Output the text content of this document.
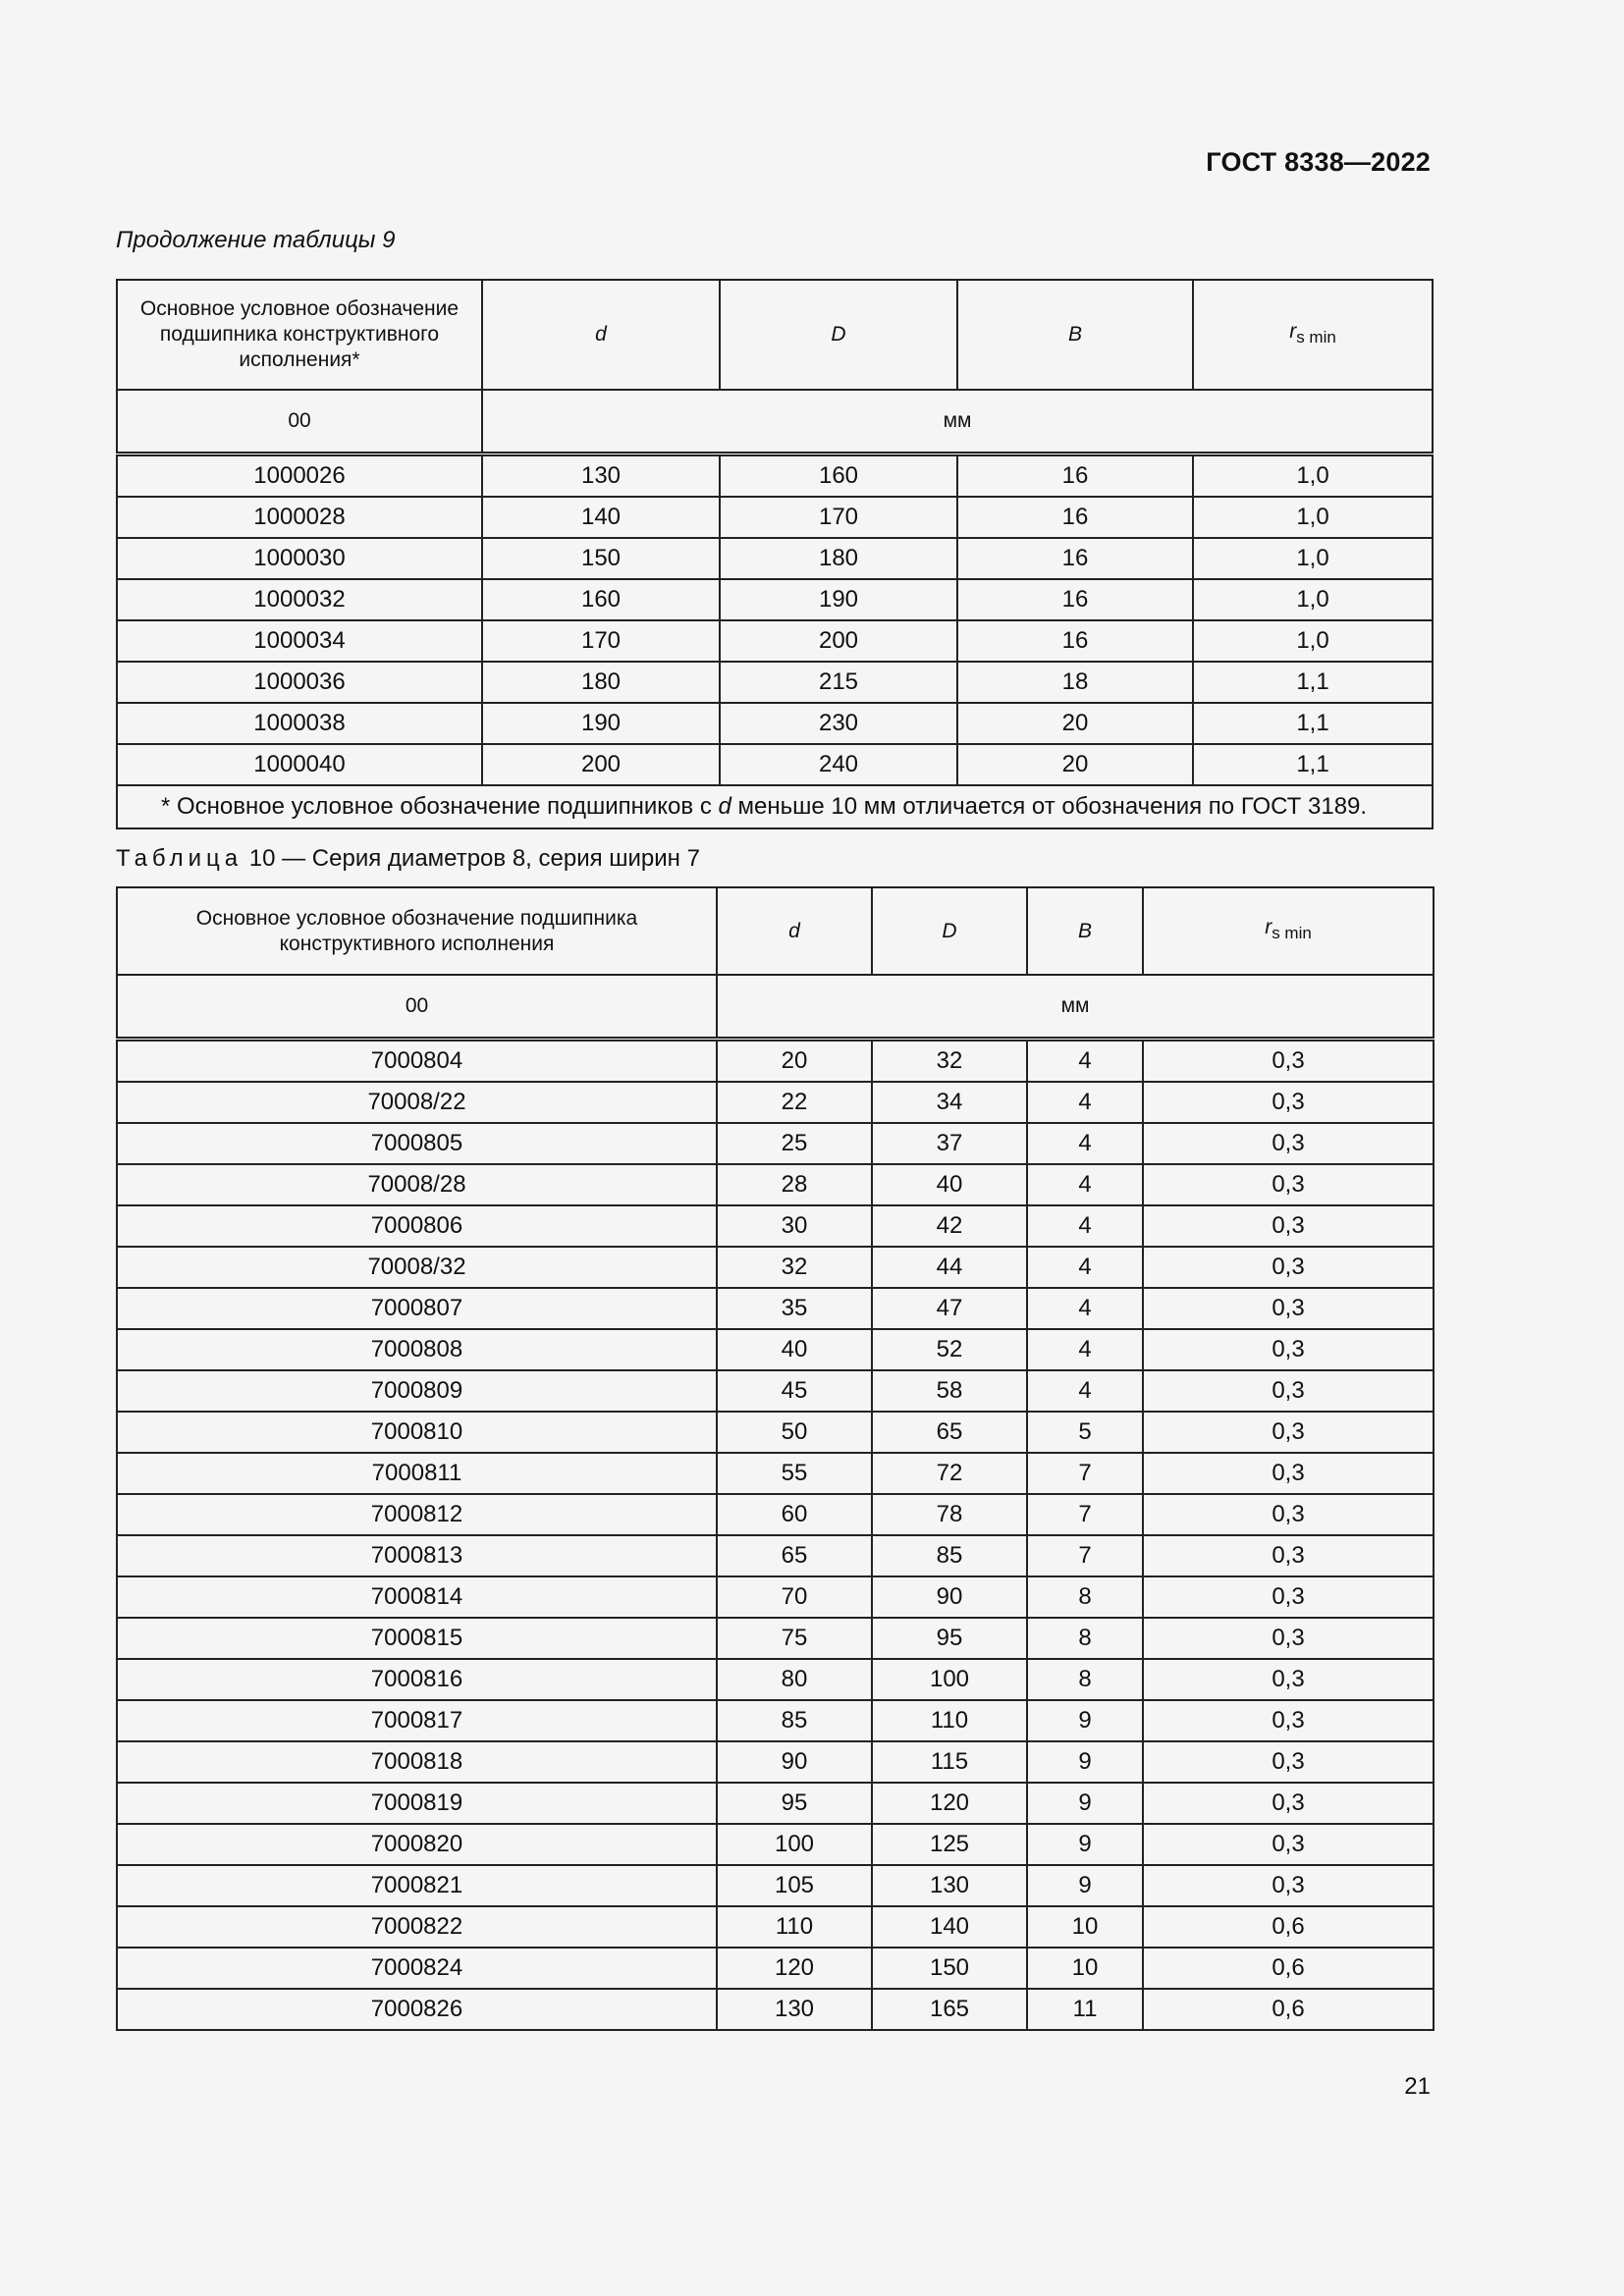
ГОСТ 8338—2022
Продолжение таблицы 9
Основное условное обозначение подшипника конструктивного исполнения*	d	D	B	$r_{s min}$
00	мм			
1000026	130	160	16	1,0
1000028	140	170	16	1,0
1000030	150	180	16	1,0
1000032	160	190	16	1,0
1000034	170	200	16	1,0
1000036	180	215	18	1,1
1000038	190	230	20	1,1
1000040	200	240	20	1,1
* Основное условное обозначение подшипников с d меньше 10 мм отличается от обозначения по ГОСТ 3189.				
Таблица 10 — Серия диаметров 8, серия ширин 7
Основное условное обозначение подшипника конструктивного исполнения	d	D	B	$r_{s min}$
00	мм			
7000804	20	32	4	0,3
70008/22	22	34	4	0,3
7000805	25	37	4	0,3
70008/28	28	40	4	0,3
7000806	30	42	4	0,3
70008/32	32	44	4	0,3
7000807	35	47	4	0,3
7000808	40	52	4	0,3
7000809	45	58	4	0,3
7000810	50	65	5	0,3
7000811	55	72	7	0,3
7000812	60	78	7	0,3
7000813	65	85	7	0,3
7000814	70	90	8	0,3
7000815	75	95	8	0,3
7000816	80	100	8	0,3
7000817	85	110	9	0,3
7000818	90	115	9	0,3
7000819	95	120	9	0,3
7000820	100	125	9	0,3
7000821	105	130	9	0,3
7000822	110	140	10	0,6
7000824	120	150	10	0,6
7000826	130	165	11	0,6
21
